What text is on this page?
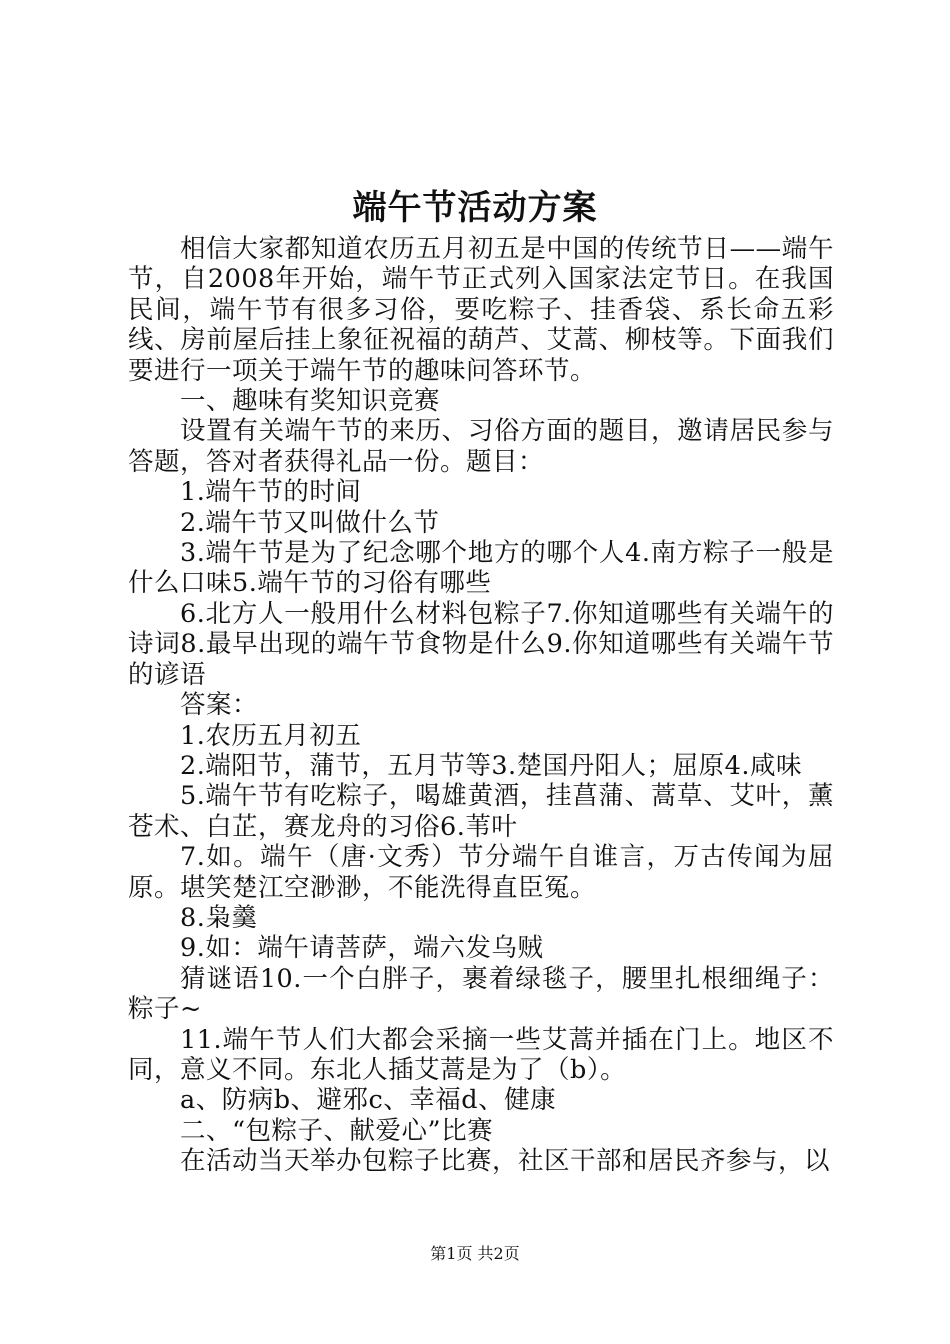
端午节活动方案

相信大家都知道农历五月初五是中国的传统节日——端午节，自2008年开始，端午节正式列入国家法定节日。在我国民间，端午节有很多习俗，要吃粽子、挂香袋、系长命五彩线、房前屋后挂上象征祝福的葫芦、艾蒿、柳枝等。下面我们要进行一项关于端午节的趣味问答环节。

一、趣味有奖知识竞赛

设置有关端午节的来历、习俗方面的题目，邀请居民参与答题，答对者获得礼品一份。题目：

1.端午节的时间

2.端午节又叫做什么节

3.端午节是为了纪念哪个地方的哪个人4.南方粽子一般是什么口味5.端午节的习俗有哪些

6.北方人一般用什么材料包粽子7.你知道哪些有关端午的诗词8.最早出现的端午节食物是什么9.你知道哪些有关端午节的谚语

答案：

1.农历五月初五

2.端阳节，蒲节，五月节等3.楚国丹阳人；屈原4.咸味

5.端午节有吃粽子，喝雄黄酒，挂菖蒲、蒿草、艾叶，薰苍术、白芷，赛龙舟的习俗6.苇叶

7.如。端午（唐·文秀）节分端午自谁言，万古传闻为屈原。堪笑楚江空渺渺，不能洗得直臣冤。

8.枭羹

9.如：端午请菩萨，端六发乌贼

猜谜语10.一个白胖子，裹着绿毯子，腰里扎根细绳子：粽子~

11.端午节人们大都会采摘一些艾蒿并插在门上。地区不同，意义不同。东北人插艾蒿是为了（b）。

a、防病b、避邪c、幸福d、健康

二、“包粽子、献爱心”比赛

在活动当天举办包粽子比赛，社区干部和居民齐参与，以

第1页 共2页
